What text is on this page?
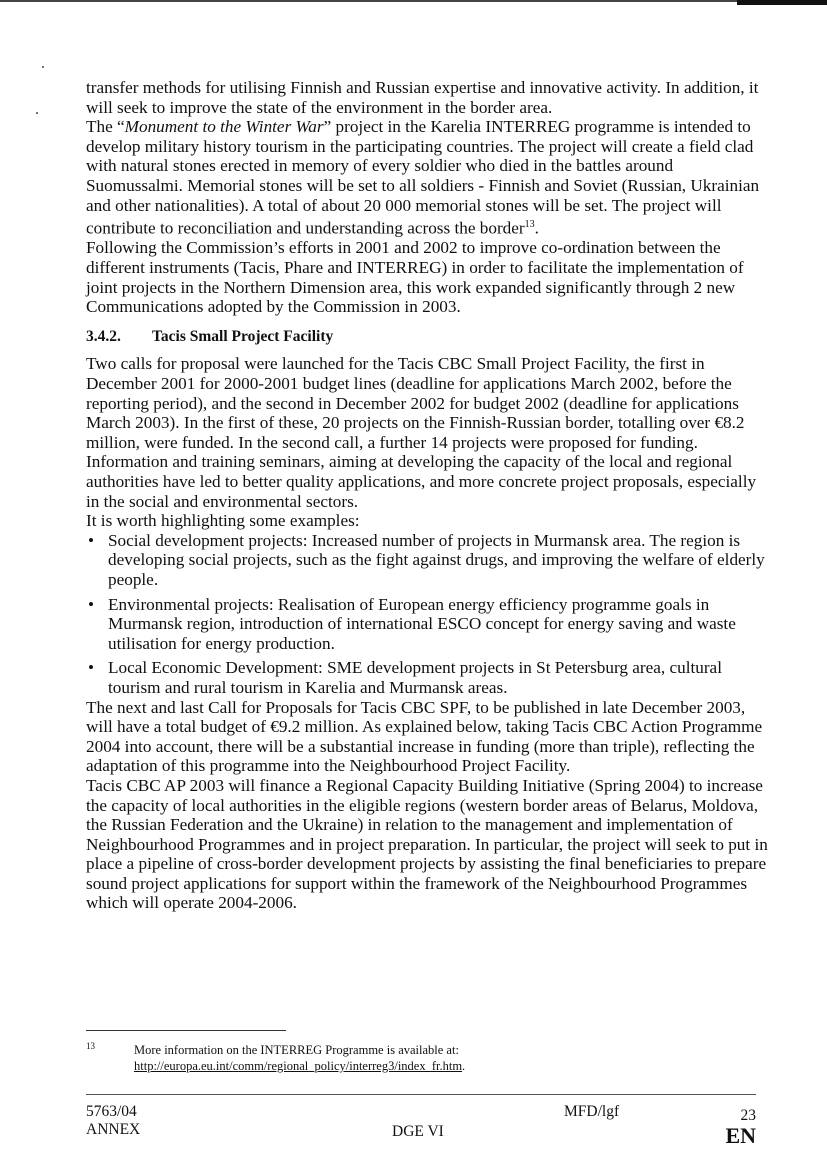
transfer methods for utilising Finnish and Russian expertise and innovative activity. In addition, it will seek to improve the state of the environment in the border area.

The “Monument to the Winter War” project in the Karelia INTERREG programme is intended to develop military history tourism in the participating countries. The project will create a field clad with natural stones erected in memory of every soldier who died in the battles around Suomussalmi. Memorial stones will be set to all soldiers - Finnish and Soviet (Russian, Ukrainian and other nationalities). A total of about 20 000 memorial stones will be set. The project will contribute to reconciliation and understanding across the border$^{13}$.

Following the Commission’s efforts in 2001 and 2002 to improve co-ordination between the different instruments (Tacis, Phare and INTERREG) in order to facilitate the implementation of joint projects in the Northern Dimension area, this work expanded significantly through 2 new Communications adopted by the Commission in 2003.

3.4.2. Tacis Small Project Facility

Two calls for proposal were launched for the Tacis CBC Small Project Facility, the first in December 2001 for 2000-2001 budget lines (deadline for applications March 2002, before the reporting period), and the second in December 2002 for budget 2002 (deadline for applications March 2003). In the first of these, 20 projects on the Finnish-Russian border, totalling over €8.2 million, were funded. In the second call, a further 14 projects were proposed for funding. Information and training seminars, aiming at developing the capacity of the local and regional authorities have led to better quality applications, and more concrete project proposals, especially in the social and environmental sectors.

It is worth highlighting some examples:

• Social development projects: Increased number of projects in Murmansk area. The region is developing social projects, such as the fight against drugs, and improving the welfare of elderly people.
• Environmental projects: Realisation of European energy efficiency programme goals in Murmansk region, introduction of international ESCO concept for energy saving and waste utilisation for energy production.
• Local Economic Development: SME development projects in St Petersburg area, cultural tourism and rural tourism in Karelia and Murmansk areas.

The next and last Call for Proposals for Tacis CBC SPF, to be published in late December 2003, will have a total budget of €9.2 million. As explained below, taking Tacis CBC Action Programme 2004 into account, there will be a substantial increase in funding (more than triple), reflecting the adaptation of this programme into the Neighbourhood Project Facility.

Tacis CBC AP 2003 will finance a Regional Capacity Building Initiative (Spring 2004) to increase the capacity of local authorities in the eligible regions (western border areas of Belarus, Moldova, the Russian Federation and the Ukraine) in relation to the management and implementation of Neighbourhood Programmes and in project preparation. In particular, the project will seek to put in place a pipeline of cross-border development projects by assisting the final beneficiaries to prepare sound project applications for support within the framework of the Neighbourhood Programmes which will operate 2004-2006.

13	More information on the INTERREG Programme is available at:
http://europa.eu.int/comm/regional_policy/interreg3/index_fr.htm.
5763/04
ANNEX	DGE VI
MFD/lgf	23
EN
